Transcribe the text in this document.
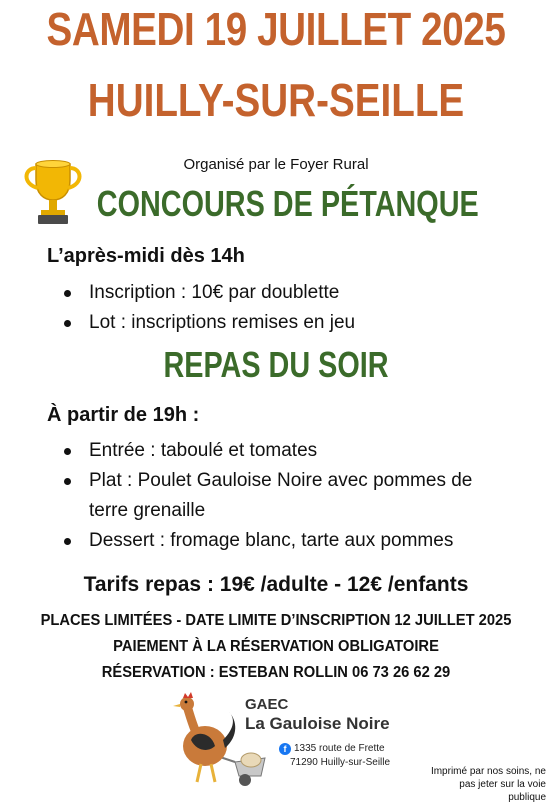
SAMEDI 19 JUILLET 2025
HUILLY-SUR-SEILLE
Organisé par le Foyer Rural
CONCOURS DE PÉTANQUE
L’après-midi dès 14h
Inscription : 10€ par doublette
Lot : inscriptions remises en jeu
REPAS DU SOIR
À partir de 19h :
Entrée : taboulé et tomates
Plat : Poulet Gauloise Noire avec pommes de
terre grenaille
Dessert : fromage blanc, tarte aux pommes
Tarifs repas : 19€ /adulte - 12€ /enfants
PLACES LIMITÉES - DATE LIMITE D’INSCRIPTION 12 JUILLET 2025
PAIEMENT À LA RÉSERVATION OBLIGATOIRE
RÉSERVATION : ESTEBAN ROLLIN 06 73 26 62 29
GAEC
La Gauloise Noire
f 1335 route de Frette
71290 Huilly-sur-Seille
Imprimé par nos soins, ne pas jeter sur la voie publique
